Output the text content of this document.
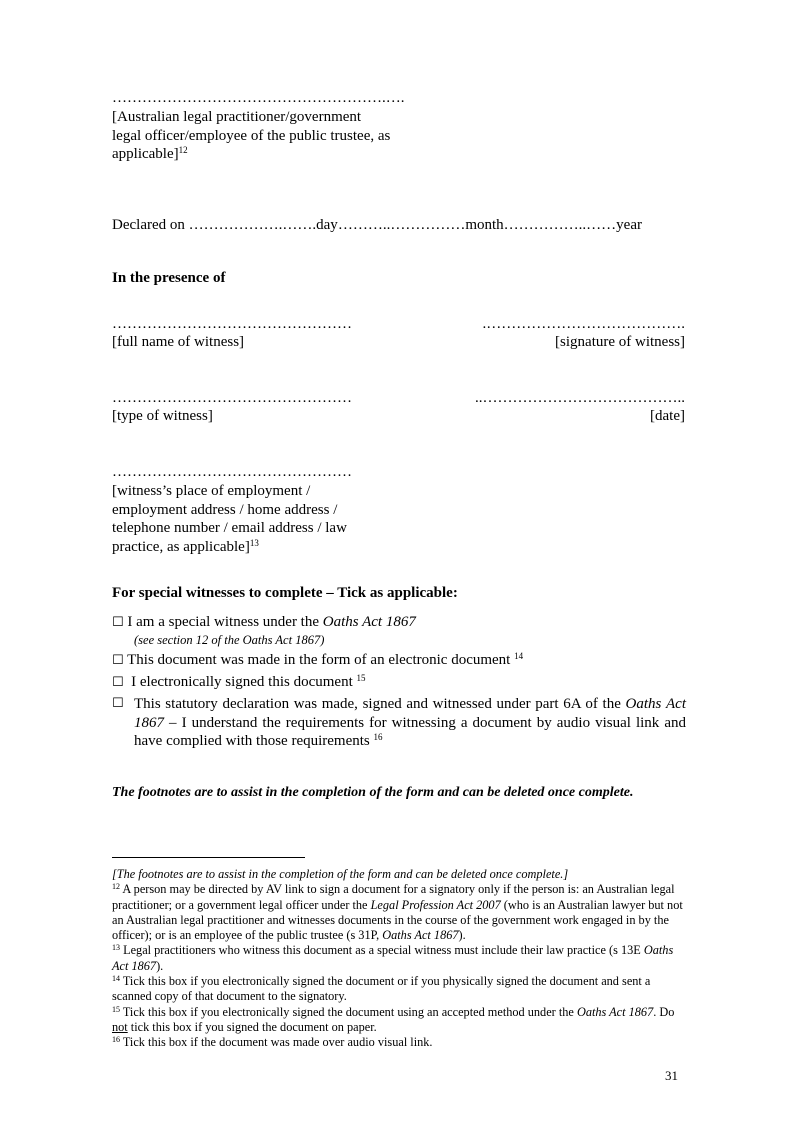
……………………………………………….….
[Australian legal practitioner/government legal officer/employee of the public trustee, as applicable]$^{12}$
Declared on ……………….…….day………..……………month……………..……year
In the presence of
…………………………………………
[full name of witness]
.………………………………….
[signature of witness]
…………………………………………
[type of witness]
..…………………………………..
[date]
…………………………………………
[witness’s place of employment / employment address / home address / telephone number / email address / law practice, as applicable]$^{13}$
For special witnesses to complete – Tick as applicable:
☐ I am a special witness under the Oaths Act 1867
(see section 12 of the Oaths Act 1867)
☐ This document was made in the form of an electronic document $^{14}$
☐ I electronically signed this document $^{15}$
☐ This statutory declaration was made, signed and witnessed under part 6A of the Oaths Act 1867 – I understand the requirements for witnessing a document by audio visual link and have complied with those requirements $^{16}$
The footnotes are to assist in the completion of the form and can be deleted once complete.
[The footnotes are to assist in the completion of the form and can be deleted once complete.]
$^{12}$ A person may be directed by AV link to sign a document for a signatory only if the person is: an Australian legal practitioner; or a government legal officer under the Legal Profession Act 2007 (who is an Australian lawyer but not an Australian legal practitioner and witnesses documents in the course of the government work engaged in by the officer); or is an employee of the public trustee (s 31P, Oaths Act 1867).
$^{13}$ Legal practitioners who witness this document as a special witness must include their law practice (s 13E Oaths Act 1867).
$^{14}$ Tick this box if you electronically signed the document or if you physically signed the document and sent a scanned copy of that document to the signatory.
$^{15}$ Tick this box if you electronically signed the document using an accepted method under the Oaths Act 1867. Do not tick this box if you signed the document on paper.
$^{16}$ Tick this box if the document was made over audio visual link.
31
